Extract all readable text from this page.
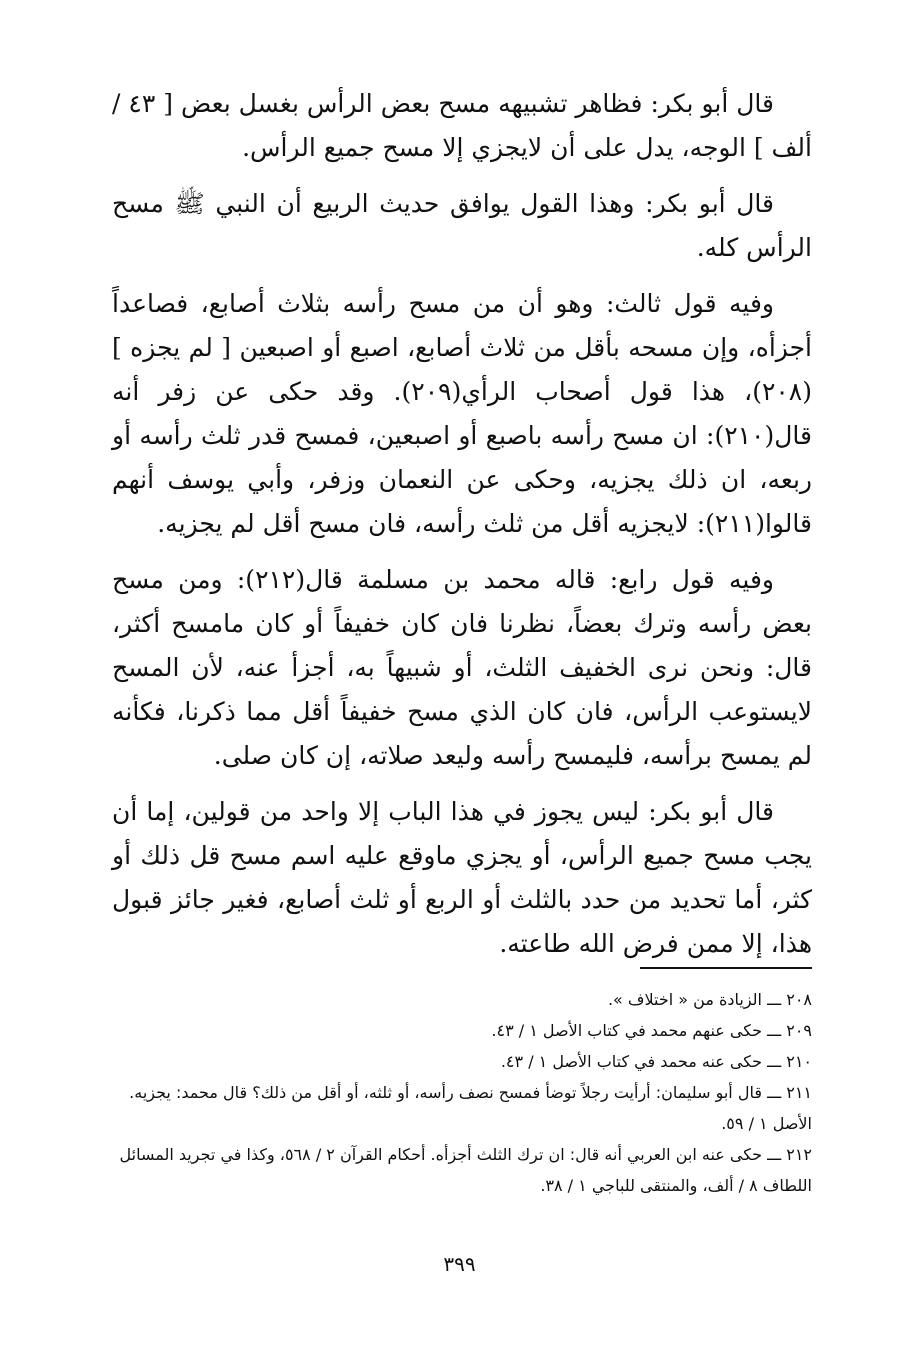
قال أبو بكر: فظاهر تشبيهه مسح بعض الرأس بغسل بعض [ ٤٣ / ألف ] الوجه، يدل على أن لايجزي إلا مسح جميع الرأس.

قال أبو بكر: وهذا القول يوافق حديث الربيع أن النبي ﷺ مسح الرأس كله.

وفيه قول ثالث: وهو أن من مسح رأسه بثلاث أصابع، فصاعداً أجزأه، وإن مسحه بأقل من ثلاث أصابع، اصبع أو اصبعين [ لم يجزه ](٢٠٨)، هذا قول أصحاب الرأي(٢٠٩). وقد حكى عن زفر أنه قال(٢١٠): ان مسح رأسه باصبع أو اصبعين، فمسح قدر ثلث رأسه أو ربعه، ان ذلك يجزيه، وحكى عن النعمان وزفر، وأبي يوسف أنهم قالوا(٢١١): لايجزيه أقل من ثلث رأسه، فان مسح أقل لم يجزيه.

وفيه قول رابع: قاله محمد بن مسلمة قال(٢١٢): ومن مسح بعض رأسه وترك بعضاً، نظرنا فان كان خفيفاً أو كان مامسح أكثر، قال: ونحن نرى الخفيف الثلث، أو شبيهاً به، أجزأ عنه، لأن المسح لايستوعب الرأس، فان كان الذي مسح خفيفاً أقل مما ذكرنا، فكأنه لم يمسح برأسه، فليمسح رأسه وليعد صلاته، إن كان صلى.

قال أبو بكر: ليس يجوز في هذا الباب إلا واحد من قولين، إما أن يجب مسح جميع الرأس، أو يجزي ماوقع عليه اسم مسح قل ذلك أو كثر، أما تحديد من حدد بالثلث أو الربع أو ثلث أصابع، فغير جائز قبول هذا، إلا ممن فرض الله طاعته.

٢٠٨ ـــ الزيادة من « اختلاف ».

٢٠٩ ـــ حكى عنهم محمد في كتاب الأصل ١ / ٤٣.

٢١٠ ـــ حكى عنه محمد في كتاب الأصل ١ / ٤٣.

٢١١ ـــ قال أبو سليمان: أرأيت رجلاً توضأ فمسح نصف رأسه، أو ثلثه، أو أقل من ذلك؟ قال محمد: يجزيه. الأصل ١ / ٥٩.

٢١٢ ـــ حكى عنه ابن العربي أنه قال: ان ترك الثلث أجزأه. أحكام القرآن ٢ / ٥٦٨، وكذا في تجريد المسائل اللطاف ٨ / ألف، والمنتقى للباجي ١ / ٣٨.

٣٩٩
